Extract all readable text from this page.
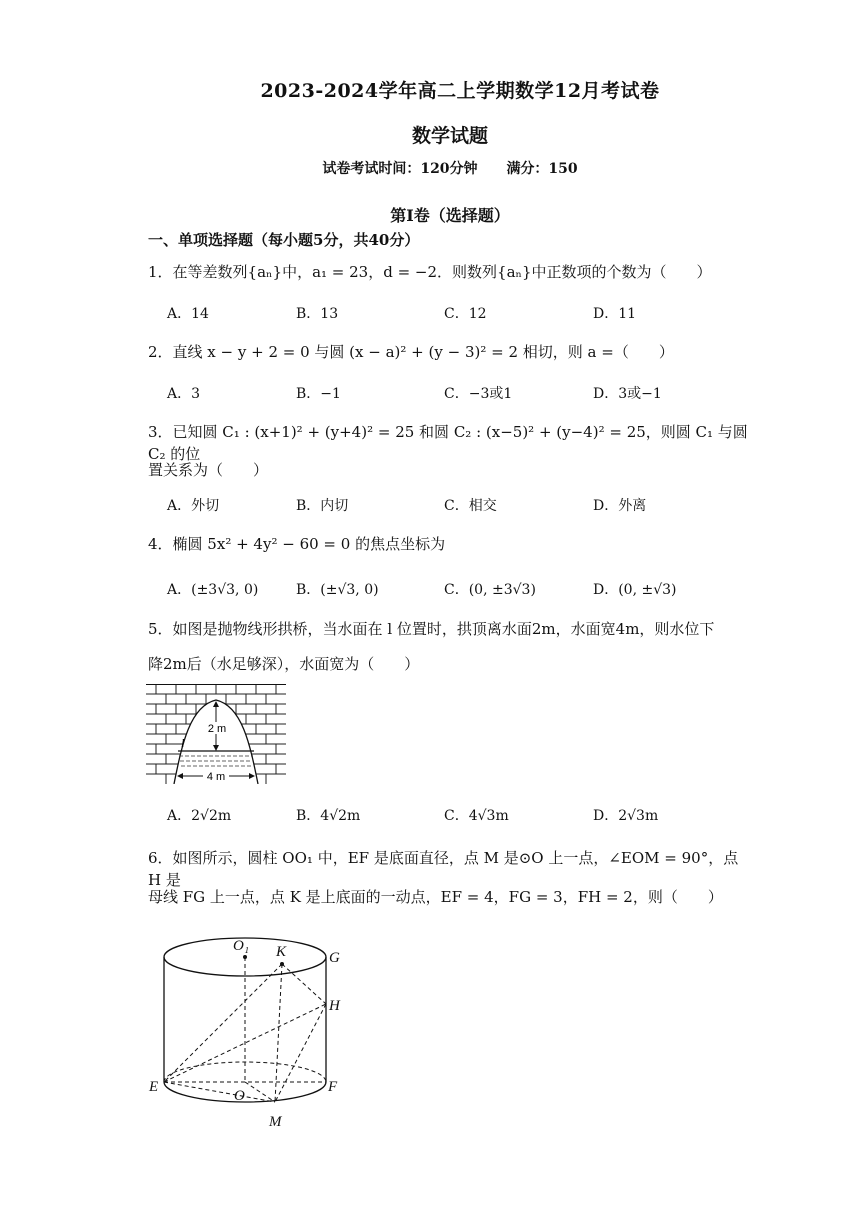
2023-2024学年高二上学期数学12月考试卷
数学试题
试卷考试时间：120分钟 满分：150
第Ⅰ卷（选择题）
一、单项选择题（每小题5分，共40分）
1．在等差数列{aₙ}中，a₁ = 23，d = −2．则数列{aₙ}中正数项的个数为（　　）
A．14	B．13	C．12	D．11
2．直线 x − y + 2 = 0 与圆 (x − a)² + (y − 3)² = 2 相切，则 a =（　　）
A．3	B．−1	C．−3或1	D．3或−1
3．已知圆 C₁ : (x+1)² + (y+4)² = 25 和圆 C₂ : (x−5)² + (y−4)² = 25，则圆 C₁ 与圆 C₂ 的位
置关系为（　　）
A．外切	B．内切	C．相交	D．外离
4．椭圆 5x² + 4y² − 60 = 0 的焦点坐标为
A．(±3√3, 0)	B．(±√3, 0)	C．(0, ±3√3)	D．(0, ±√3)
5．如图是抛物线形拱桥，当水面在 l 位置时，拱顶离水面2m，水面宽4m，则水位下
降2m后（水足够深），水面宽为（　　）
2 m
l
4 m
A．2√2m	B．4√2m	C．4√3m	D．2√3m
6．如图所示，圆柱 OO₁ 中，EF 是底面直径，点 M 是⊙O 上一点，∠EOM = 90°，点 H 是
母线 FG 上一点，点 K 是上底面的一动点，EF = 4，FG = 3，FH = 2，则（　　）
O₁ K	G
H
E
O
F
M
